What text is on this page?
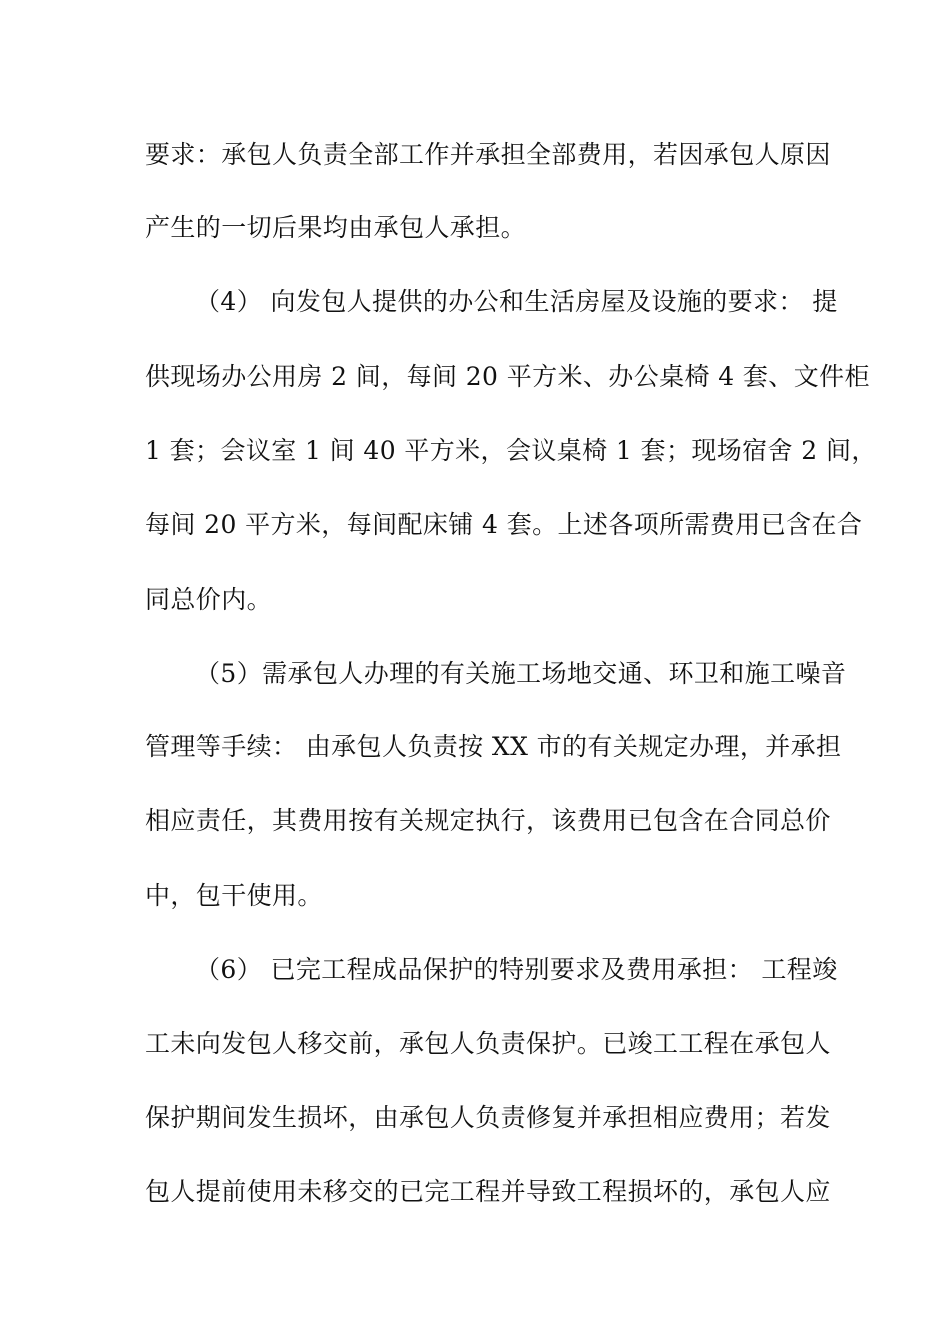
要求：承包人负责全部工作并承担全部费用，若因承包人原因
产生的一切后果均由承包人承担。
（4） 向发包人提供的办公和生活房屋及设施的要求： 提
供现场办公用房 2 间，每间 20 平方米、办公桌椅 4 套、文件柜
1 套；会议室 1 间 40 平方米，会议桌椅 1 套；现场宿舍 2 间，
每间 20 平方米，每间配床铺 4 套。上述各项所需费用已含在合
同总价内。
（5）需承包人办理的有关施工场地交通、环卫和施工噪音
管理等手续： 由承包人负责按 XX 市的有关规定办理，并承担
相应责任，其费用按有关规定执行，该费用已包含在合同总价
中，包干使用。
（6） 已完工程成品保护的特别要求及费用承担： 工程竣
工未向发包人移交前，承包人负责保护。已竣工工程在承包人
保护期间发生损坏，由承包人负责修复并承担相应费用；若发
包人提前使用未移交的已完工程并导致工程损坏的，承包人应
